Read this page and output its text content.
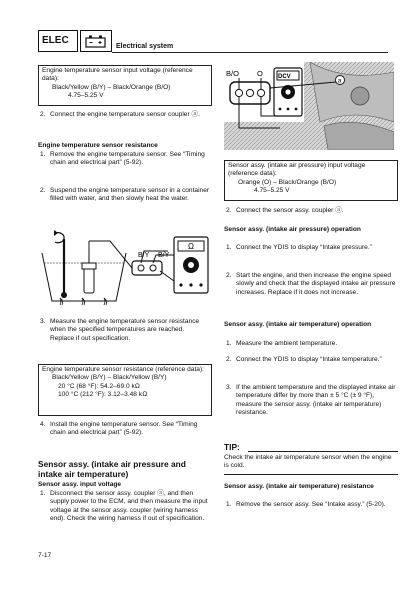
ELEC
Electrical system
Engine temperature sensor input voltage (reference data):
Black/Yellow (B/Y) – Black/Orange (B/O)
4.75–5.25 V
2. Connect the engine temperature sensor coupler ⓐ.
Engine temperature sensor resistance
1. Remove the engine temperature sensor. See “Timing chain and electrical part” (5-92).
2. Suspend the engine temperature sensor in a container filled with water, and then slowly heat the water.
B/Y B/Y
Ω
3. Measure the engine temperature sensor resistance when the specified temperatures are reached. Replace if out specification.
Engine temperature sensor resistance (reference data):
Black/Yellow (B/Y) – Black/Yellow (B/Y)
20 °C (68 °F): 54.2–69.0 kΩ
100 °C (212 °F): 3.12–3.48 kΩ
4. Install the engine temperature sensor. See “Timing chain and electrical part” (5-92).
Sensor assy. (intake air pressure and intake air temperature)
Sensor assy. input voltage
1. Disconnect the sensor assy. coupler ⓐ, and then supply power to the ECM, and then measure the input voltage at the sensor assy. coupler (wiring harness end). Check the wiring harness if out of specification.
7-17
B/O O	DCV
a
Sensor assy. (intake air pressure) input voltage (reference data):
Orange (O) – Black/Orange (B/O)
4.75–5.25 V
2. Connect the sensor assy. coupler ⓐ.
Sensor assy. (intake air pressure) operation
1. Connect the YDIS to display “Intake pressure.”
2. Start the engine, and then increase the engine speed slowly and check that the displayed intake air pressure increases. Replace if it does not increase.
Sensor assy. (intake air temperature) operation
1. Measure the ambient temperature.
2. Connect the YDIS to display “Intake temperature.”
3. If the ambient temperature and the displayed intake air temperature differ by more than ± 5 °C (± 9 °F), measure the sensor assy. (intake air temperature) resistance.
TIP:
Check the intake air temperature sensor when the engine is cold.
Sensor assy. (intake air temperature) resistance
1. Remove the sensor assy. See “Intake assy.” (5-20).
